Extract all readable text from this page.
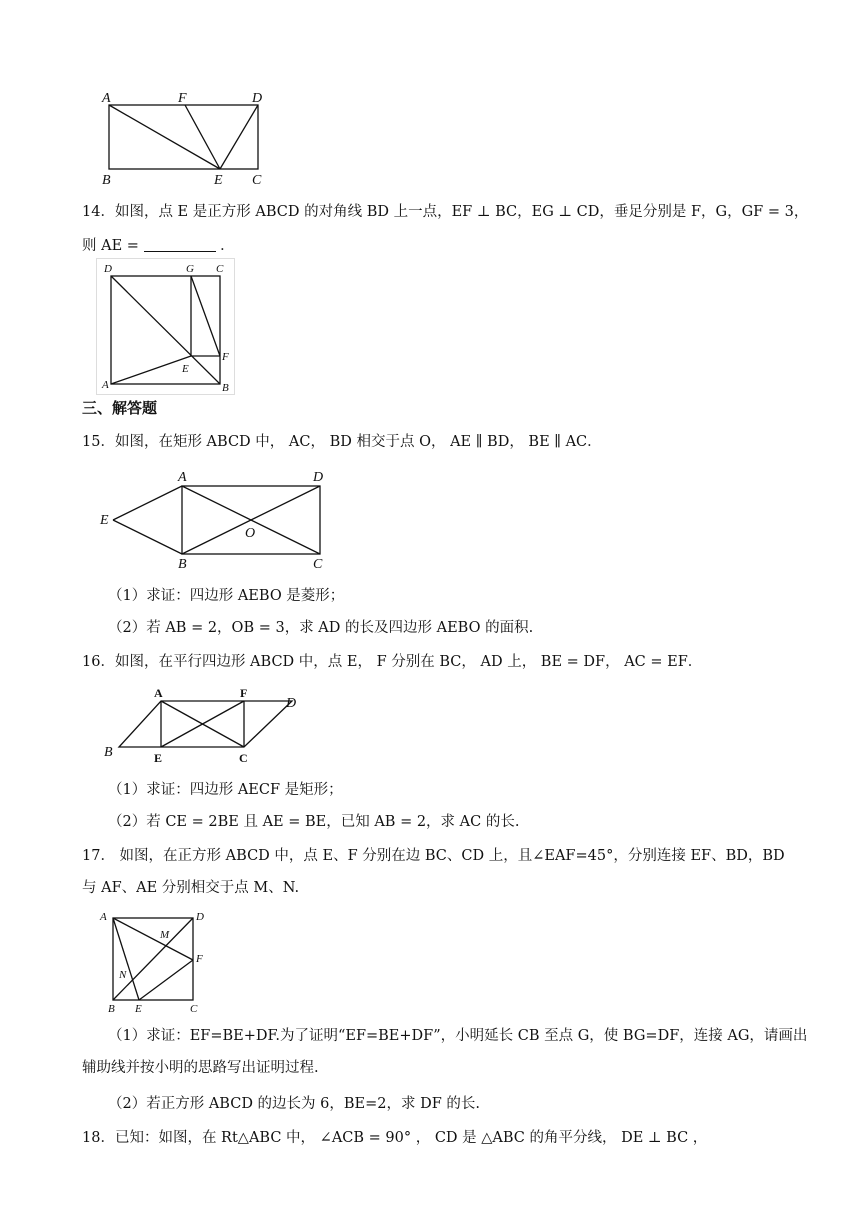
A	F	D
B	E C
14．如图，点 E 是正方形 ABCD 的对角线 BD 上一点，EF ⊥ BC，EG ⊥ CD，垂足分别是 F，G，GF = 3，
则 AE =	．
D	G C
F
E
A	B
三、解答题
15．如图，在矩形 ABCD 中， AC， BD 相交于点 O， AE ∥ BD， BE ∥ AC．
A	D
E
O
B	C
（1）求证：四边形 AEBO 是菱形；
（2）若 AB = 2，OB = 3，求 AD 的长及四边形 AEBO 的面积.
16．如图，在平行四边形 ABCD 中，点 E， F 分别在 BC， AD 上， BE = DF， AC = EF．
A	F
D
B	E	C
（1）求证：四边形 AECF 是矩形；
（2）若 CE = 2BE 且 AE = BE，已知 AB = 2，求 AC 的长.
17． 如图，在正方形 ABCD 中，点 E、F 分别在边 BC、CD 上，且∠EAF=45°，分别连接 EF、BD，BD
与 AF、AE 分别相交于点 M、N.
A	D
M
F
N
B E	C
（1）求证：EF=BE+DF.为了证明“EF=BE+DF”，小明延长 CB 至点 G，使 BG=DF，连接 AG，请画出
辅助线并按小明的思路写出证明过程.
（2）若正方形 ABCD 的边长为 6，BE=2，求 DF 的长.
18．已知：如图，在 Rt△ABC 中， ∠ACB = 90° ， CD 是 △ABC 的角平分线， DE ⊥ BC ，
